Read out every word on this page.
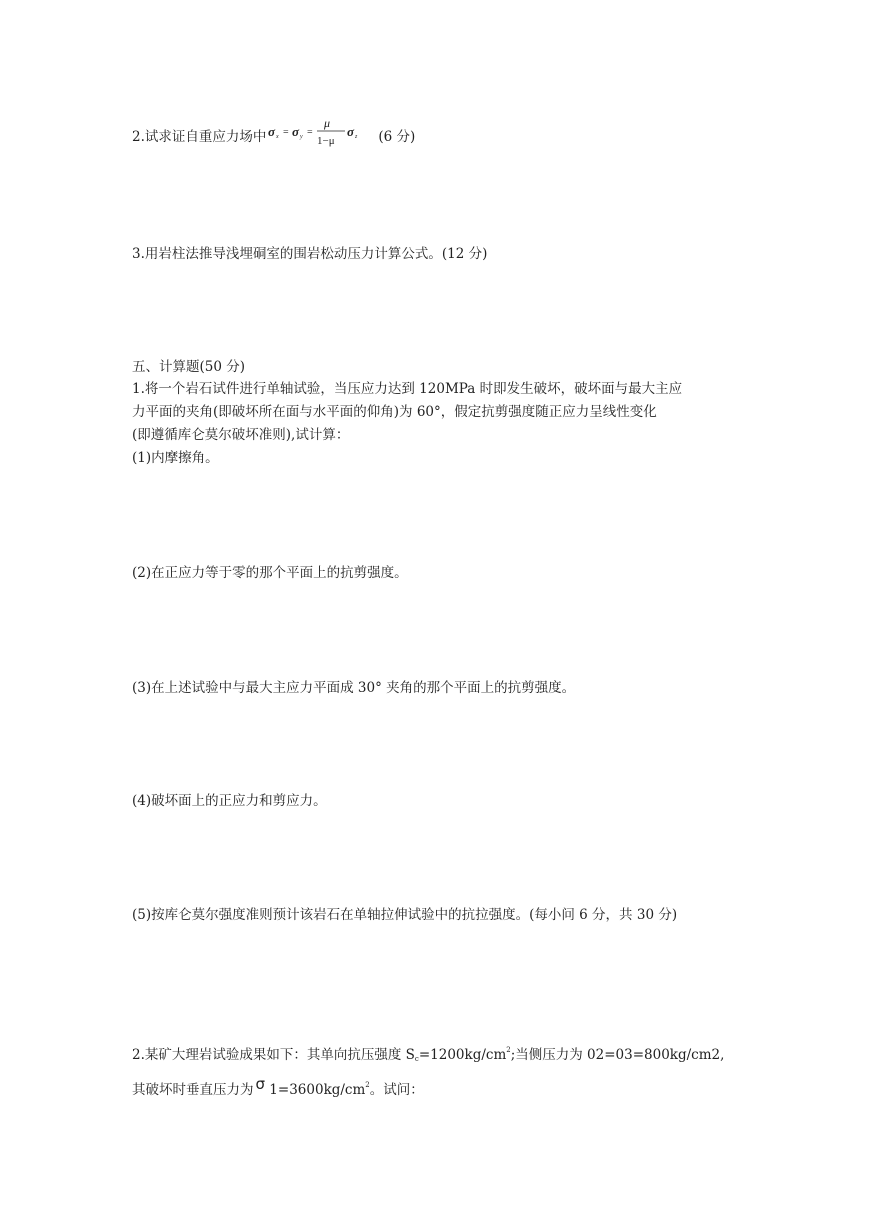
2.试求证自重应力场中 σ x = σ y =
μ
1−μ
σ z (6 分)
3.用岩柱法推导浅埋硐室的围岩松动压力计算公式。(12 分)
五、计算题(50 分)
1.将一个岩石试件进行单轴试验，当压应力达到 120MPa 时即发生破坏，破坏面与最大主应
力平面的夹角(即破坏所在面与水平面的仰角)为 60°，假定抗剪强度随正应力呈线性变化
(即遵循库仑莫尔破坏准则),试计算：
(1)内摩擦角。
(2)在正应力等于零的那个平面上的抗剪强度。
(3)在上述试验中与最大主应力平面成 30° 夹角的那个平面上的抗剪强度。
(4)破坏面上的正应力和剪应力。
(5)按库仑莫尔强度准则预计该岩石在单轴拉伸试验中的抗拉强度。(每小问 6 分，共 30 分)
2.某矿大理岩试验成果如下：其单向抗压强度 $S_c=1200kg/cm^2$;当侧压力为 02=03=800kg/cm2,
其破坏时垂直压力为 σ $1=3600kg/cm^2$。试问：
